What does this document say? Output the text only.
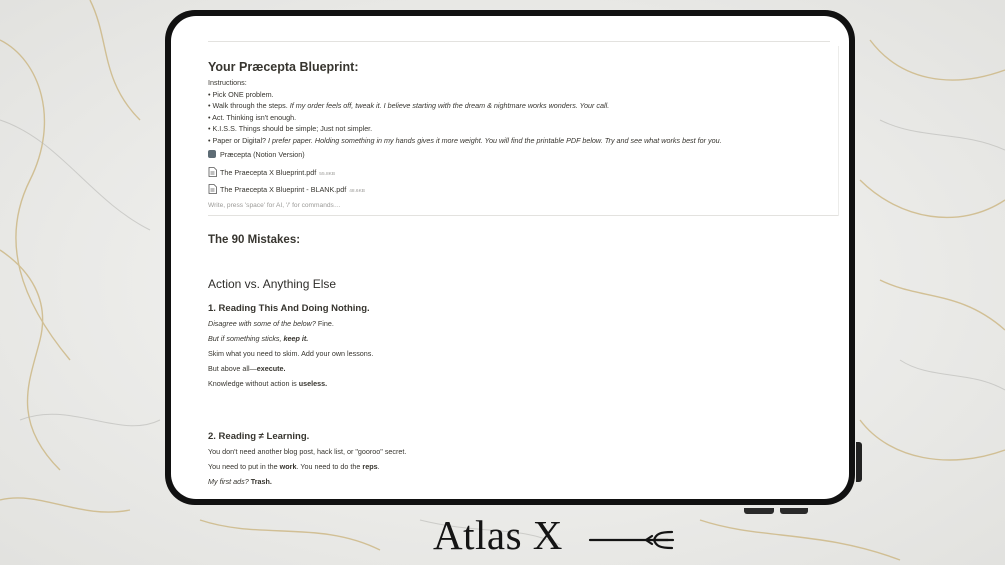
Your Præcepta Blueprint:
Instructions:
• Pick ONE problem.
• Walk through the steps. If my order feels off, tweak it. I believe starting with the dream & nightmare works wonders. Your call.
• Act. Thinking isn't enough.
• K.I.S.S. Things should be simple; Just not simpler.
• Paper or Digital? I prefer paper. Holding something in my hands gives it more weight. You will find the printable PDF below. Try and see what works best for you.
Præcepta (Notion Version)
The Praecepta X Blueprint.pdf 55.8KB
The Praecepta X Blueprint - BLANK.pdf 48.6KB
Write, press 'space' for AI, '/' for commands…
The 90 Mistakes:
Action vs. Anything Else
1. Reading This And Doing Nothing.
Disagree with some of the below? Fine.
But if something sticks, keep it.
Skim what you need to skim. Add your own lessons.
But above all—execute.
Knowledge without action is useless.
2. Reading ≠ Learning.
You don't need another blog post, hack list, or "gooroo" secret.
You need to put in the work. You need to do the reps.
My first ads? Trash.
Atlas X
